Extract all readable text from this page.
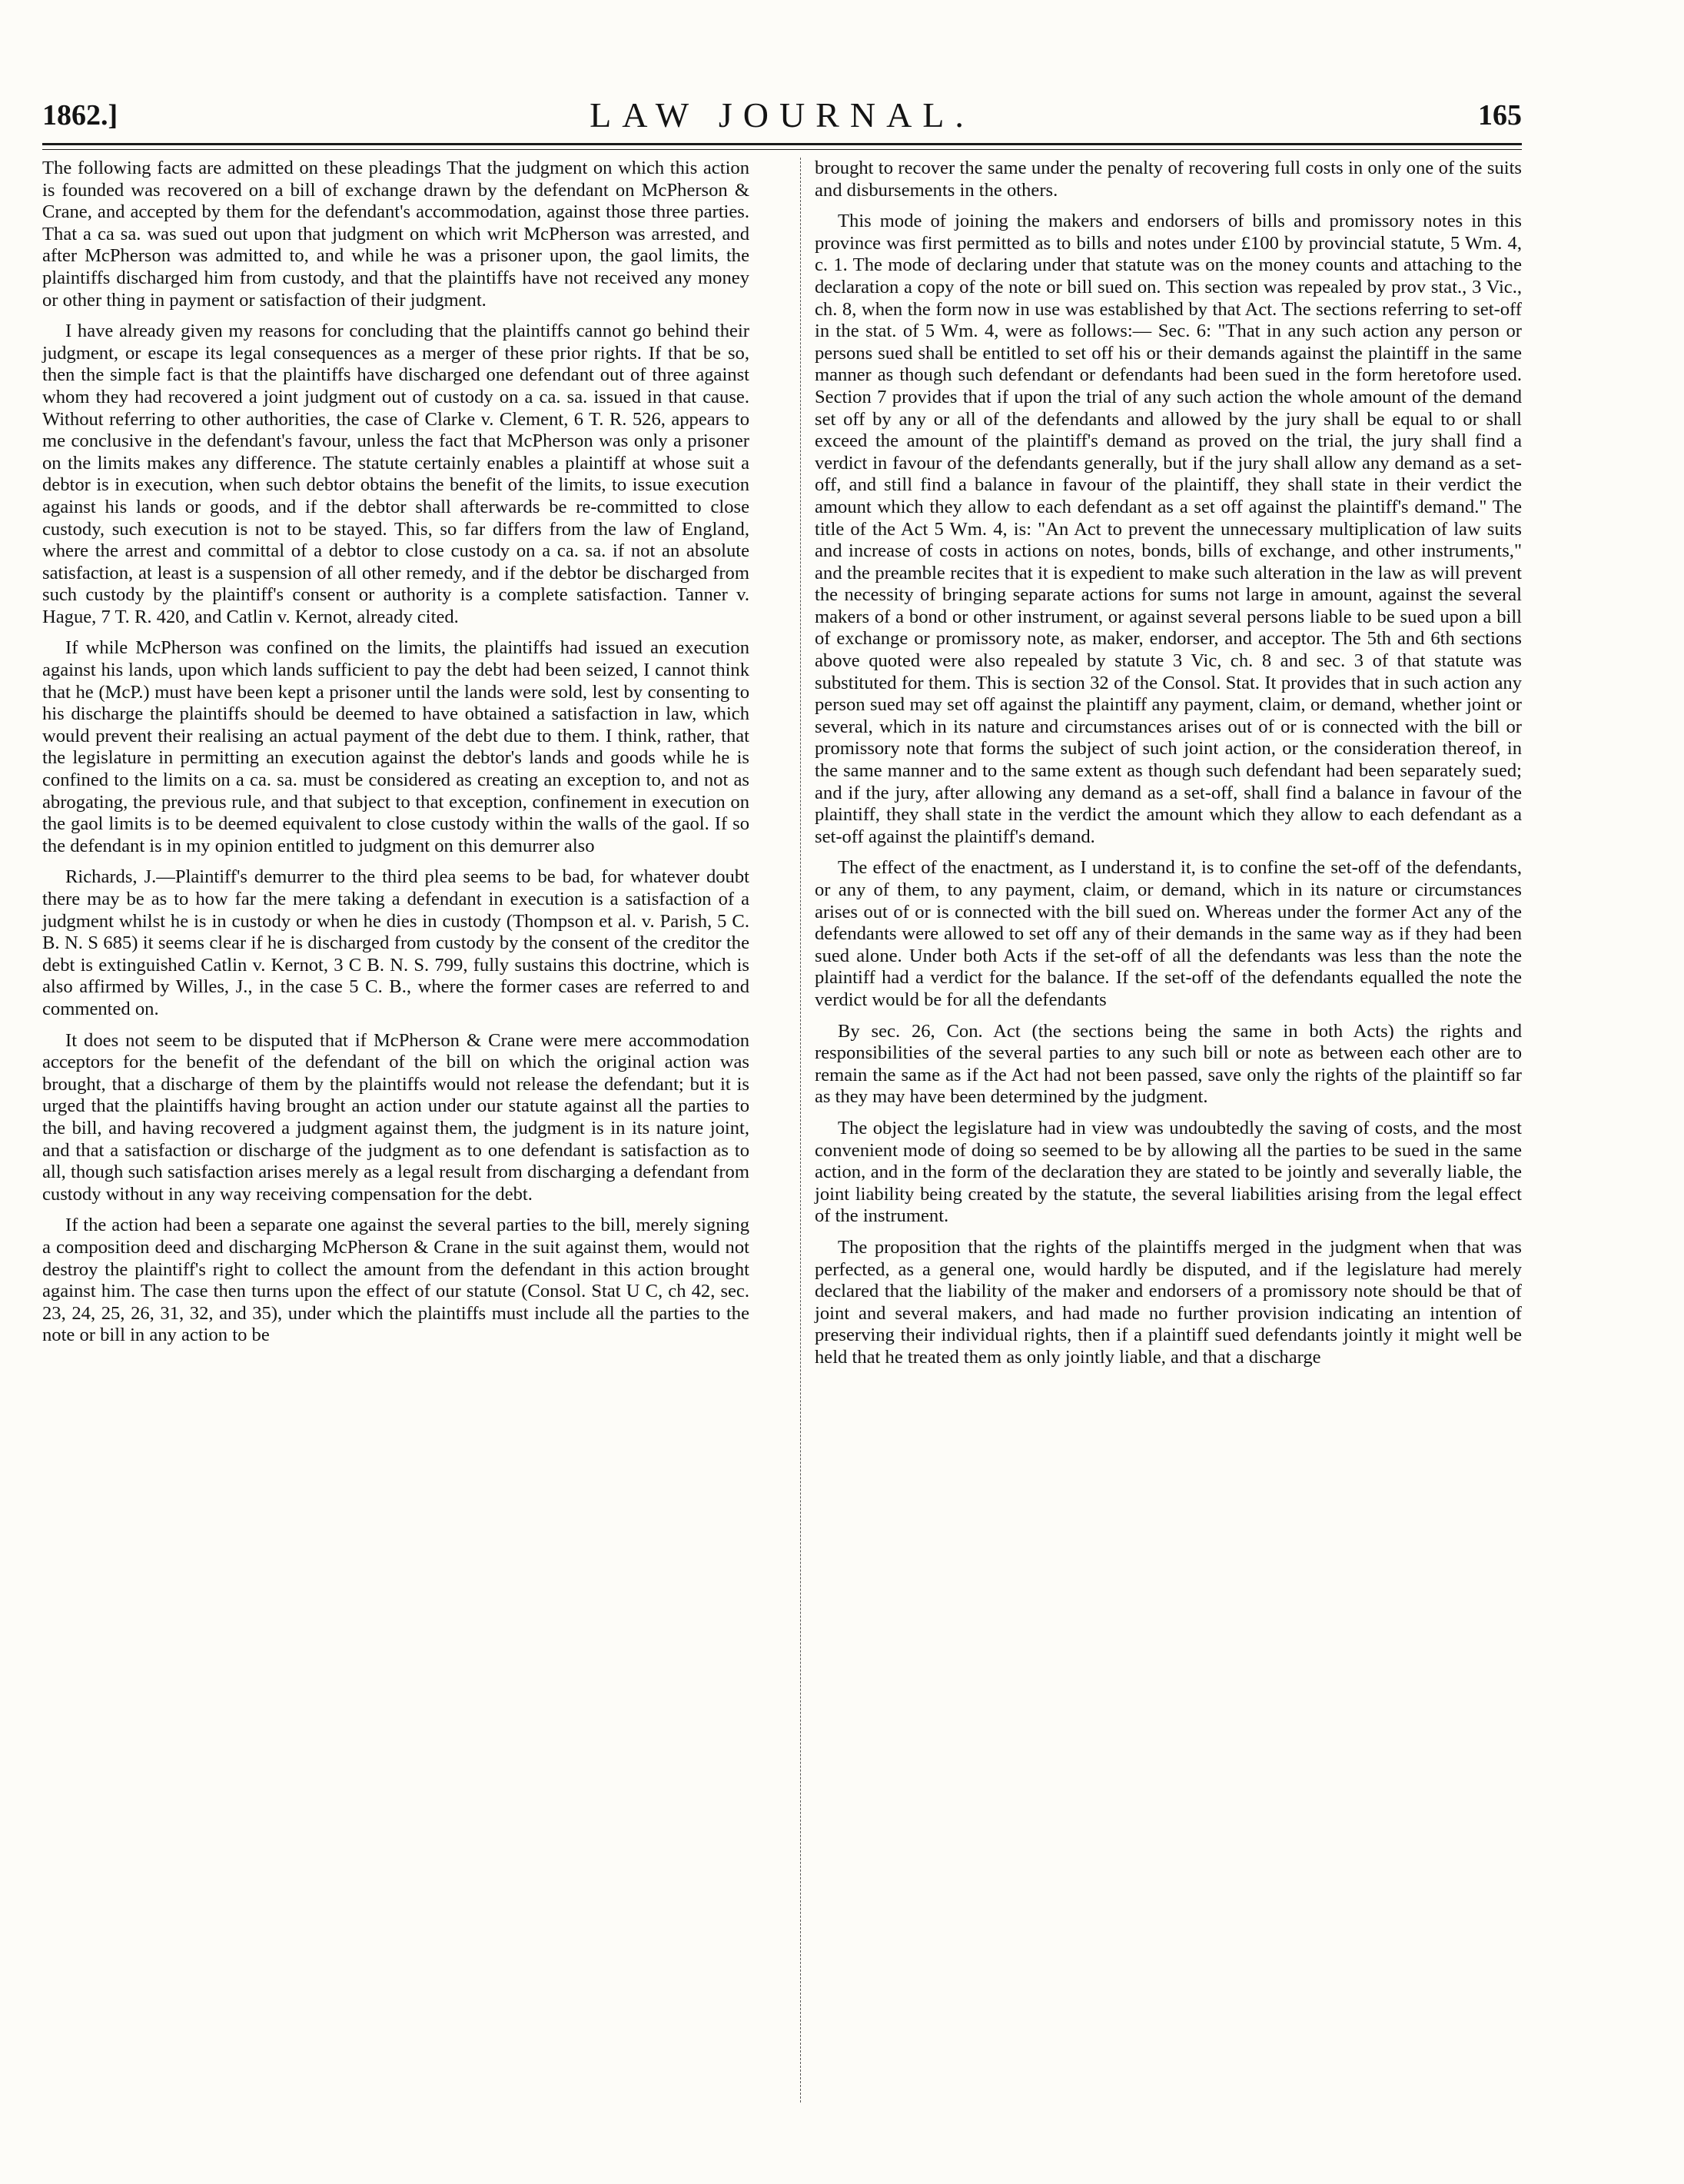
1862.]	LAW JOURNAL.	165

The following facts are admitted on these pleadings That the judgment on which this action is founded was recovered on a bill of exchange drawn by the defendant on McPherson & Crane, and accepted by them for the defendant's accommodation, against those three parties. That a ca sa. was sued out upon that judgment on which writ McPherson was arrested, and after McPherson was admitted to, and while he was a prisoner upon, the gaol limits, the plaintiffs discharged him from custody, and that the plaintiffs have not received any money or other thing in payment or satisfaction of their judgment.

I have already given my reasons for concluding that the plaintiffs cannot go behind their judgment, or escape its legal consequences as a merger of these prior rights. If that be so, then the simple fact is that the plaintiffs have discharged one defendant out of three against whom they had recovered a joint judgment out of custody on a ca. sa. issued in that cause. Without referring to other authorities, the case of Clarke v. Clement, 6 T. R. 526, appears to me conclusive in the defendant's favour, unless the fact that McPherson was only a prisoner on the limits makes any difference. The statute certainly enables a plaintiff at whose suit a debtor is in execution, when such debtor obtains the benefit of the limits, to issue execution against his lands or goods, and if the debtor shall afterwards be re-committed to close custody, such execution is not to be stayed. This, so far differs from the law of England, where the arrest and committal of a debtor to close custody on a ca. sa. if not an absolute satisfaction, at least is a suspension of all other remedy, and if the debtor be discharged from such custody by the plaintiff's consent or authority is a complete satisfaction. Tanner v. Hague, 7 T. R. 420, and Catlin v. Kernot, already cited.

If while McPherson was confined on the limits, the plaintiffs had issued an execution against his lands, upon which lands sufficient to pay the debt had been seized, I cannot think that he (McP.) must have been kept a prisoner until the lands were sold, lest by consenting to his discharge the plaintiffs should be deemed to have obtained a satisfaction in law, which would prevent their realising an actual payment of the debt due to them. I think, rather, that the legislature in permitting an execution against the debtor's lands and goods while he is confined to the limits on a ca. sa. must be considered as creating an exception to, and not as abrogating, the previous rule, and that subject to that exception, confinement in execution on the gaol limits is to be deemed equivalent to close custody within the walls of the gaol. If so the defendant is in my opinion entitled to judgment on this demurrer also

Richards, J.—Plaintiff's demurrer to the third plea seems to be bad, for whatever doubt there may be as to how far the mere taking a defendant in execution is a satisfaction of a judgment whilst he is in custody or when he dies in custody (Thompson et al. v. Parish, 5 C. B. N. S 685) it seems clear if he is discharged from custody by the consent of the creditor the debt is extinguished Catlin v. Kernot, 3 C B. N. S. 799, fully sustains this doctrine, which is also affirmed by Willes, J., in the case 5 C. B., where the former cases are referred to and commented on.

It does not seem to be disputed that if McPherson & Crane were mere accommodation acceptors for the benefit of the defendant of the bill on which the original action was brought, that a discharge of them by the plaintiffs would not release the defendant; but it is urged that the plaintiffs having brought an action under our statute against all the parties to the bill, and having recovered a judgment against them, the judgment is in its nature joint, and that a satisfaction or discharge of the judgment as to one defendant is satisfaction as to all, though such satisfaction arises merely as a legal result from discharging a defendant from custody without in any way receiving compensation for the debt.

If the action had been a separate one against the several parties to the bill, merely signing a composition deed and discharging McPherson & Crane in the suit against them, would not destroy the plaintiff's right to collect the amount from the defendant in this action brought against him. The case then turns upon the effect of our statute (Consol. Stat U C, ch 42, sec. 23, 24, 25, 26, 31, 32, and 35), under which the plaintiffs must include all the parties to the note or bill in any action to be

brought to recover the same under the penalty of recovering full costs in only one of the suits and disbursements in the others.

This mode of joining the makers and endorsers of bills and promissory notes in this province was first permitted as to bills and notes under £100 by provincial statute, 5 Wm. 4, c. 1. The mode of declaring under that statute was on the money counts and attaching to the declaration a copy of the note or bill sued on. This section was repealed by prov stat., 3 Vic., ch. 8, when the form now in use was established by that Act. The sections referring to set-off in the stat. of 5 Wm. 4, were as follows:— Sec. 6: "That in any such action any person or persons sued shall be entitled to set off his or their demands against the plaintiff in the same manner as though such defendant or defendants had been sued in the form heretofore used. Section 7 provides that if upon the trial of any such action the whole amount of the demand set off by any or all of the defendants and allowed by the jury shall be equal to or shall exceed the amount of the plaintiff's demand as proved on the trial, the jury shall find a verdict in favour of the defendants generally, but if the jury shall allow any demand as a set-off, and still find a balance in favour of the plaintiff, they shall state in their verdict the amount which they allow to each defendant as a set off against the plaintiff's demand." The title of the Act 5 Wm. 4, is: "An Act to prevent the unnecessary multiplication of law suits and increase of costs in actions on notes, bonds, bills of exchange, and other instruments," and the preamble recites that it is expedient to make such alteration in the law as will prevent the necessity of bringing separate actions for sums not large in amount, against the several makers of a bond or other instrument, or against several persons liable to be sued upon a bill of exchange or promissory note, as maker, endorser, and acceptor. The 5th and 6th sections above quoted were also repealed by statute 3 Vic, ch. 8 and sec. 3 of that statute was substituted for them. This is section 32 of the Consol. Stat. It provides that in such action any person sued may set off against the plaintiff any payment, claim, or demand, whether joint or several, which in its nature and circumstances arises out of or is connected with the bill or promissory note that forms the subject of such joint action, or the consideration thereof, in the same manner and to the same extent as though such defendant had been separately sued; and if the jury, after allowing any demand as a set-off, shall find a balance in favour of the plaintiff, they shall state in the verdict the amount which they allow to each defendant as a set-off against the plaintiff's demand.

The effect of the enactment, as I understand it, is to confine the set-off of the defendants, or any of them, to any payment, claim, or demand, which in its nature or circumstances arises out of or is connected with the bill sued on. Whereas under the former Act any of the defendants were allowed to set off any of their demands in the same way as if they had been sued alone. Under both Acts if the set-off of all the defendants was less than the note the plaintiff had a verdict for the balance. If the set-off of the defendants equalled the note the verdict would be for all the defendants

By sec. 26, Con. Act (the sections being the same in both Acts) the rights and responsibilities of the several parties to any such bill or note as between each other are to remain the same as if the Act had not been passed, save only the rights of the plaintiff so far as they may have been determined by the judgment.

The object the legislature had in view was undoubtedly the saving of costs, and the most convenient mode of doing so seemed to be by allowing all the parties to be sued in the same action, and in the form of the declaration they are stated to be jointly and severally liable, the joint liability being created by the statute, the several liabilities arising from the legal effect of the instrument.

The proposition that the rights of the plaintiffs merged in the judgment when that was perfected, as a general one, would hardly be disputed, and if the legislature had merely declared that the liability of the maker and endorsers of a promissory note should be that of joint and several makers, and had made no further provision indicating an intention of preserving their individual rights, then if a plaintiff sued defendants jointly it might well be held that he treated them as only jointly liable, and that a discharge
